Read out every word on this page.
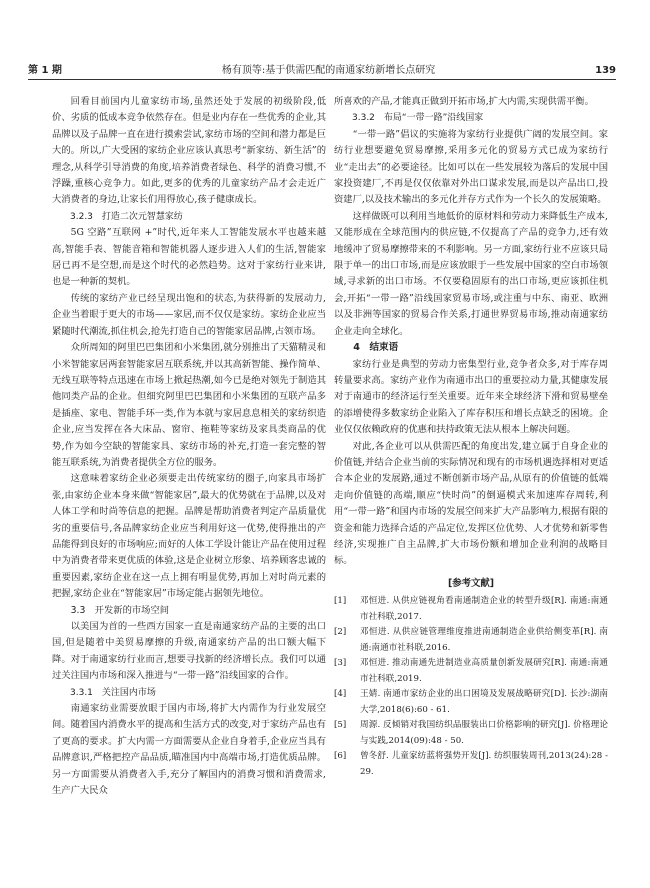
第 1 期	杨有顶等:基于供需匹配的南通家纺新增长点研究	139

回看目前国内儿童家纺市场,虽然还处于发展的初级阶段,低价、劣质的低成本竞争依然存在。但是业内存在一些优秀的企业,其品牌以及子品牌一直在进行摸索尝试,家纺市场的空间和潜力都是巨大的。所以,广大受困的家纺企业应该认真思考“新家纺、新生活”的理念,从科学引导消费的角度,培养消费者绿色、科学的消费习惯,不浮躁,重核心竞争力。如此,更多的优秀的儿童家纺产品才会走近广大消费者的身边,让家长们用得放心,孩子健康成长。

3.2.3　打造二次元智慧家纺

5G 空路”互联网 +”时代,近年来人工智能发展水平也越来越高,智能手表、智能音箱和智能机器人逐步进入人们的生活,智能家居已再不是空想,而是这个时代的必然趋势。这对于家纺行业来讲,也是一种新的契机。

传统的家纺产业已经呈现出饱和的状态,为获得新的发展动力,企业当着眼于更大的市场——家居,而不仅仅是家纺。家纺企业应当紧随时代潮流,抓住机会,抢先打造自己的智能家居品牌,占领市场。

众所周知的阿里巴巴集团和小米集团,就分别推出了天猫精灵和小米智能家居两套智能家居互联系统,并以其高新智能、操作简单、无线互联等特点迅速在市场上掀起热潮,如今已是绝对领先于制造其他同类产品的企业。但细究阿里巴巴集团和小米集团的互联产品多是插座、家电、智能手环一类,作为本就与家居息息相关的家纺织造企业,应当发挥在各大床品、窗帘、拖鞋等家纺及家具类商品的优势,作为如今空缺的智能家具、家纺市场的补充,打造一套完整的智能互联系统,为消费者提供全方位的服务。

这意味着家纺企业必须要走出传统家纺的圈子,向家具市场扩张,由家纺企业本身来做“智能家居”,最大的优势就在于品牌,以及对人体工学和时尚等信息的把握。品牌是帮助消费者判定产品质量优劣的重要信号,各品牌家纺企业应当利用好这一优势,使得推出的产品能得到良好的市场响应;而好的人体工学设计能让产品在使用过程中为消费者带来更优质的体验,这是企业树立形象、培养顾客忠诚的重要因素,家纺企业在这一点上拥有明显优势,再加上对时尚元素的把握,家纺企业在“智能家居”市场定能占据领先地位。

3.3　开发新的市场空间

以美国为首的一些西方国家一直是南通家纺产品的主要的出口国,但是随着中美贸易摩擦的升级,南通家纺产品的出口额大幅下降。对于南通家纺行业而言,想要寻找新的经济增长点。我们可以通过关注国内市场和深入推进与“一带一路”沿线国家的合作。

3.3.1　关注国内市场

南通家纺业需要放眼于国内市场,将扩大内需作为行业发展空间。随着国内消费水平的提高和生活方式的改变,对于家纺产品也有了更高的要求。扩大内需一方面需要从企业自身着手,企业应当具有品牌意识,严格把控产品品质,瞄准国内中高端市场,打造优质品牌。另一方面需要从消费者入手,充分了解国内的消费习惯和消费需求,生产广大民众

所喜欢的产品,才能真正做到开拓市场,扩大内需,实现供需平衡。

3.3.2　布局“一带一路”沿线国家

“一带一路”倡议的实施将为家纺行业提供广阔的发展空间。家纺行业想要避免贸易摩擦,采用多元化的贸易方式已成为家纺行业“走出去”的必要途径。比如可以在一些发展较为落后的发展中国家投资建厂,不再是仅仅依靠对外出口谋求发展,而是以产品出口,投资建厂,以及技术输出的多元化并存方式作为一个长久的发展策略。

这样做既可以利用当地低价的原材料和劳动力来降低生产成本,又能形成在全球范围内的供应链,不仅提高了产品的竞争力,还有效地缓冲了贸易摩擦带来的不利影响。另一方面,家纺行业不应该只局限于单一的出口市场,而是应该放眼于一些发展中国家的空白市场领域,寻求新的出口市场。不仅要稳固原有的出口市场,更应该抓住机会,开拓“一带一路”沿线国家贸易市场,或注重与中东、南亚、欧洲以及非洲等国家的贸易合作关系,打通世界贸易市场,推动南通家纺企业走向全球化。

4　结束语

家纺行业是典型的劳动力密集型行业,竞争者众多,对于库存周转量要求高。家纺产业作为南通市出口的重要拉动力量,其健康发展对于南通市的经济运行至关重要。近年来全球经济下滑和贸易壁垒的添增使得多数家纺企业陷入了库存积压和增长点缺乏的困境。企业仅仅依赖政府的优惠和扶持政策无法从根本上解决问题。

对此,各企业可以从供需匹配的角度出发,建立属于自身企业的价值链,并结合企业当前的实际情况和现有的市场机遇选择相对更适合本企业的发展路,通过不断创新市场产品,从原有的价值链的低端走向价值链的高端,顺应“快时尚”的倒逼模式来加速库存周转,利用“一带一路”和国内市场的发展空间来扩大产品影响力,根据有限的资金和能力选择合适的产品定位,发挥区位优势、人才优势和新零售经济,实现推广自主品牌,扩大市场份额和增加企业利润的战略目标。

[参考文献]
[1]	邓恒进. 从供应链视角看南通制造企业的转型升级[R]. 南通:南通市社科联,2017.
[2]	邓恒进. 从供应链管理维度推进南通制造企业供给侧变革[R]. 南通:南通市社科联,2016.
[3]	邓恒进. 推动南通先进制造业高质量创新发展研究[R]. 南通:南通市社科联,2019.
[4]	王婧. 南通市家纺企业的出口困境及发展战略研究[D]. 长沙:湖南大学,2018(6):60 - 61.
[5]	周源. 反倾销对我国纺织品服装出口价格影响的研究[J]. 价格理论与实践,2014(09):48 - 50.
[6]	曾冬舒. 儿童家纺蓝将强势开发[J]. 纺织服装周刊,2013(24):28 - 29.
